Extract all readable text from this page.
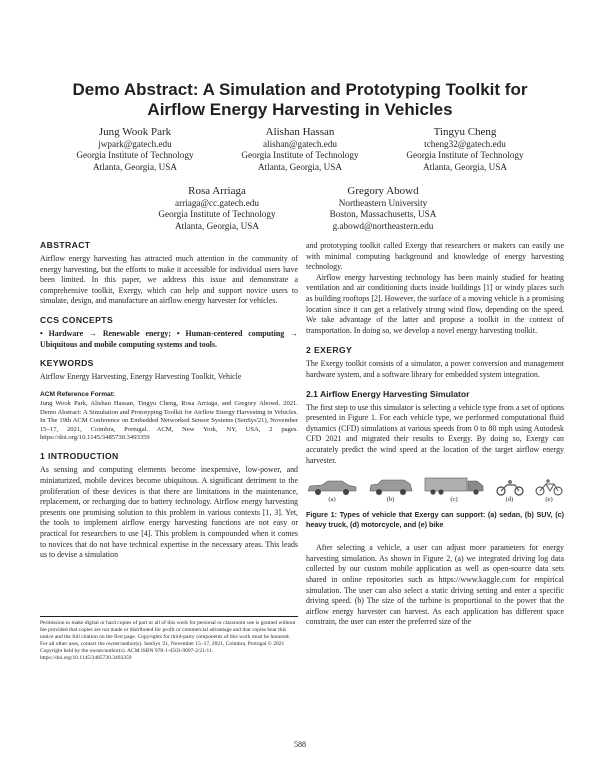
Demo Abstract: A Simulation and Prototyping Toolkit for
Airflow Energy Harvesting in Vehicles
Jung Wook Park
jwpark@gatech.edu
Georgia Institute of Technology
Atlanta, Georgia, USA
Alishan Hassan
alishan@gatech.edu
Georgia Institute of Technology
Atlanta, Georgia, USA
Tingyu Cheng
tcheng32@gatech.edu
Georgia Institute of Technology
Atlanta, Georgia, USA
Rosa Arriaga
arriaga@cc.gatech.edu
Georgia Institute of Technology
Atlanta, Georgia, USA
Gregory Abowd
Northeastern University
Boston, Massachusetts, USA
g.abowd@northeastern.edu
ABSTRACT

Airflow energy harvesting has attracted much attention in the community of energy harvesting, but the efforts to make it accessible for individual users have been limited. In this paper, we address this issue and demonstrate a comprehensive toolkit, Exergy, which can help and support novice users to simulate, design, and manufacture an airflow energy harvester for vehicles.

CCS CONCEPTS

• Hardware → Renewable energy; • Human-centered computing → Ubiquitous and mobile computing systems and tools.

KEYWORDS

Airflow Energy Harvesting, Energy Harvesting Toolkit, Vehicle

ACM Reference Format:

Jung Wook Park, Alishan Hassan, Tingyu Cheng, Rosa Arriaga, and Gregory Abowd. 2021. Demo Abstract: A Simulation and Prototyping Toolkit for Airflow Energy Harvesting in Vehicles. In The 19th ACM Conference on Embedded Networked Sensor Systems (SenSys'21), November 15–17, 2021, Coimbra, Portugal. ACM, New York, NY, USA, 2 pages. https://doi.org/10.1145/3485730.3493359

1 INTRODUCTION

As sensing and computing elements become inexpensive, low-power, and miniaturized, mobile devices become ubiquitous. A significant detriment to the proliferation of these devices is that there are limitations in the maintenance, replacement, or recharging due to battery technology. Airflow energy harvesting presents one promising solution to this problem in various contexts [1, 3]. Yet, the tools to implement airflow energy harvesting functions are not easy or practical for researchers to use [4]. This problem is compounded when it comes to novices that do not have technical expertise in the necessary areas. This leads us to devise a simulation

Permission to make digital or hard copies of part or all of this work for personal or classroom use is granted without fee provided that copies are not made or distributed for profit or commercial advantage and that copies bear this notice and the full citation on the first page. Copyrights for third-party components of this work must be honored. For all other uses, contact the owner/author(s). SenSys '21, November 15–17, 2021, Coimbra, Portugal © 2021 Copyright held by the owner/author(s). ACM ISBN 978-1-4503-9097-2/21/11. https://doi.org/10.1145/3485730.3493359

and prototyping toolkit called Exergy that researchers or makers can easily use with minimal computing background and knowledge of energy harvesting technology.

Airflow energy harvesting technology has been mainly studied for heating ventilation and air conditioning ducts inside buildings [1] or windy places such as building rooftops [2]. However, the surface of a moving vehicle is a promising location since it can get a relatively strong wind flow, depending on the speed. We take advantage of the latter and propose a toolkit in the context of transportation. In doing so, we develop a novel energy harvesting toolkit.

2 EXERGY

The Exergy toolkit consists of a simulator, a power conversion and management hardware system, and a software library for embedded system integration.

2.1 Airflow Energy Harvesting Simulator

The first step to use this simulator is selecting a vehicle type from a set of options presented in Figure 1. For each vehicle type, we performed computational fluid dynamics (CFD) simulations at various speeds from 0 to 80 mph using Autodesk CFD 2021 and migrated their results to Exergy. By doing so, Exergy can accurately predict the wind speed at the location of the target airflow energy harvester.

(a)	(b)	(c)	(d)	(e)
Figure 1: Types of vehicle that Exergy can support: (a) sedan, (b) SUV, (c) heavy truck, (d) motorcycle, and (e) bike

After selecting a vehicle, a user can adjust more parameters for energy harvesting simulation. As shown in Figure 2, (a) we integrated driving log data collected by our custom mobile application as well as open-source data sets shared in online repositories such as https://www.kaggle.com for empirical simulation. The user can also select a static driving setting and enter a specific driving speed. (b) The size of the turbine is proportional to the power that the airflow energy harvester can harvest. As each application has different space constrain, the user can enter the preferred size of the

588
